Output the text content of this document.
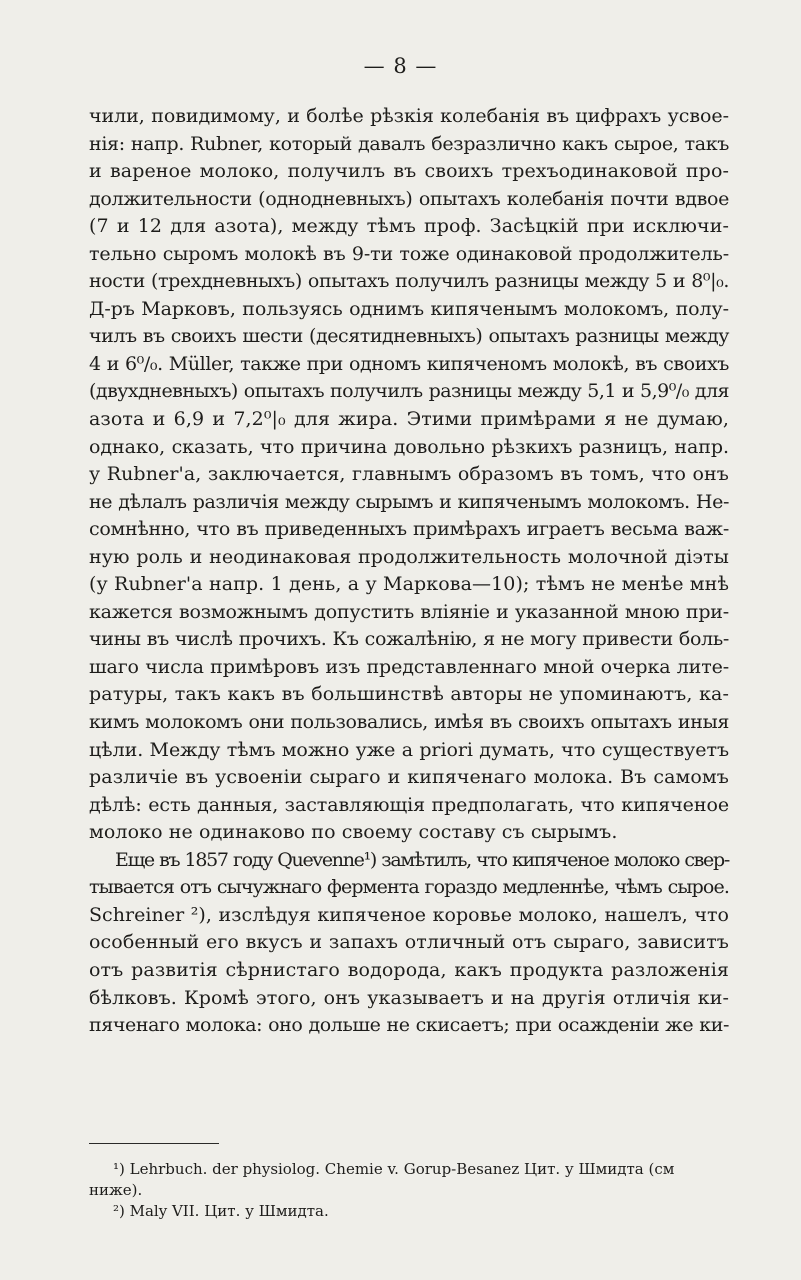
— 8 —
чили, повидимому, и болѣе рѣзкія колебанія въ цифрахъ усвое-
нія: напр. Rubner, который давалъ безразлично какъ сырое, такъ
и вареное молоко, получилъ въ своихъ трехъодинаковой про-
должительности (однодневныхъ) опытахъ колебанія почти вдвое
(7 и 12 для азота), между тѣмъ проф. Засѣцкій при исключи-
тельно сыромъ молокѣ въ 9-ти тоже одинаковой продолжитель-
ности (трехдневныхъ) опытахъ получилъ разницы между 5 и 8⁰|₀.
Д-ръ Марковъ, пользуясь однимъ кипяченымъ молокомъ, полу-
чилъ въ своихъ шести (десятидневныхъ) опытахъ разницы между
4 и 6⁰/₀. Müller, также при одномъ кипяченомъ молокѣ, въ своихъ
(двухдневныхъ) опытахъ получилъ разницы между 5,1 и 5,9⁰/₀ для
азота и 6,9 и 7,2⁰|₀ для жира. Этими примѣрами я не думаю,
однако, сказать, что причина довольно рѣзкихъ разницъ, напр.
у Rubner'а, заключается, главнымъ образомъ въ томъ, что онъ
не дѣлалъ различія между сырымъ и кипяченымъ молокомъ. Не-
сомнѣнно, что въ приведенныхъ примѣрахъ играетъ весьма важ-
ную роль и неодинаковая продолжительность молочной діэты
(у Rubner'а напр. 1 день, а у Маркова—10); тѣмъ не менѣе мнѣ
кажется возможнымъ допустить вліяніе и указанной мною при-
чины въ числѣ прочихъ. Къ сожалѣнію, я не могу привести боль-
шаго числа примѣровъ изъ представленнаго мной очерка лите-
ратуры, такъ какъ въ большинствѣ авторы не упоминаютъ, ка-
кимъ молокомъ они пользовались, имѣя въ своихъ опытахъ иныя
цѣли. Между тѣмъ можно уже a priori думать, что существуетъ
различіе въ усвоеніи сыраго и кипяченаго молока. Въ самомъ
дѣлѣ: есть данныя, заставляющія предполагать, что кипяченое
молоко не одинаково по своему составу съ сырымъ.
Еще въ 1857 году Quevenne¹) замѣтилъ, что кипяченое молоко свер-
тывается отъ сычужнаго фермента гораздо медленнѣе, чѣмъ сырое.
Schreiner ²), изслѣдуя кипяченое коровье молоко, нашелъ, что
особенный его вкусъ и запахъ отличный отъ сыраго, зависитъ
отъ развитія сѣрнистаго водорода, какъ продукта разложенія
бѣлковъ. Кромѣ этого, онъ указываетъ и на другія отличія ки-
пяченаго молока: оно дольше не скисаетъ; при осажденіи же ки-
¹) Lehrbuch. der physiolog. Chemie v. Gorup-Besanez Цит. у Шмидта (см
ниже).
²) Maly VII. Цит. у Шмидта.
